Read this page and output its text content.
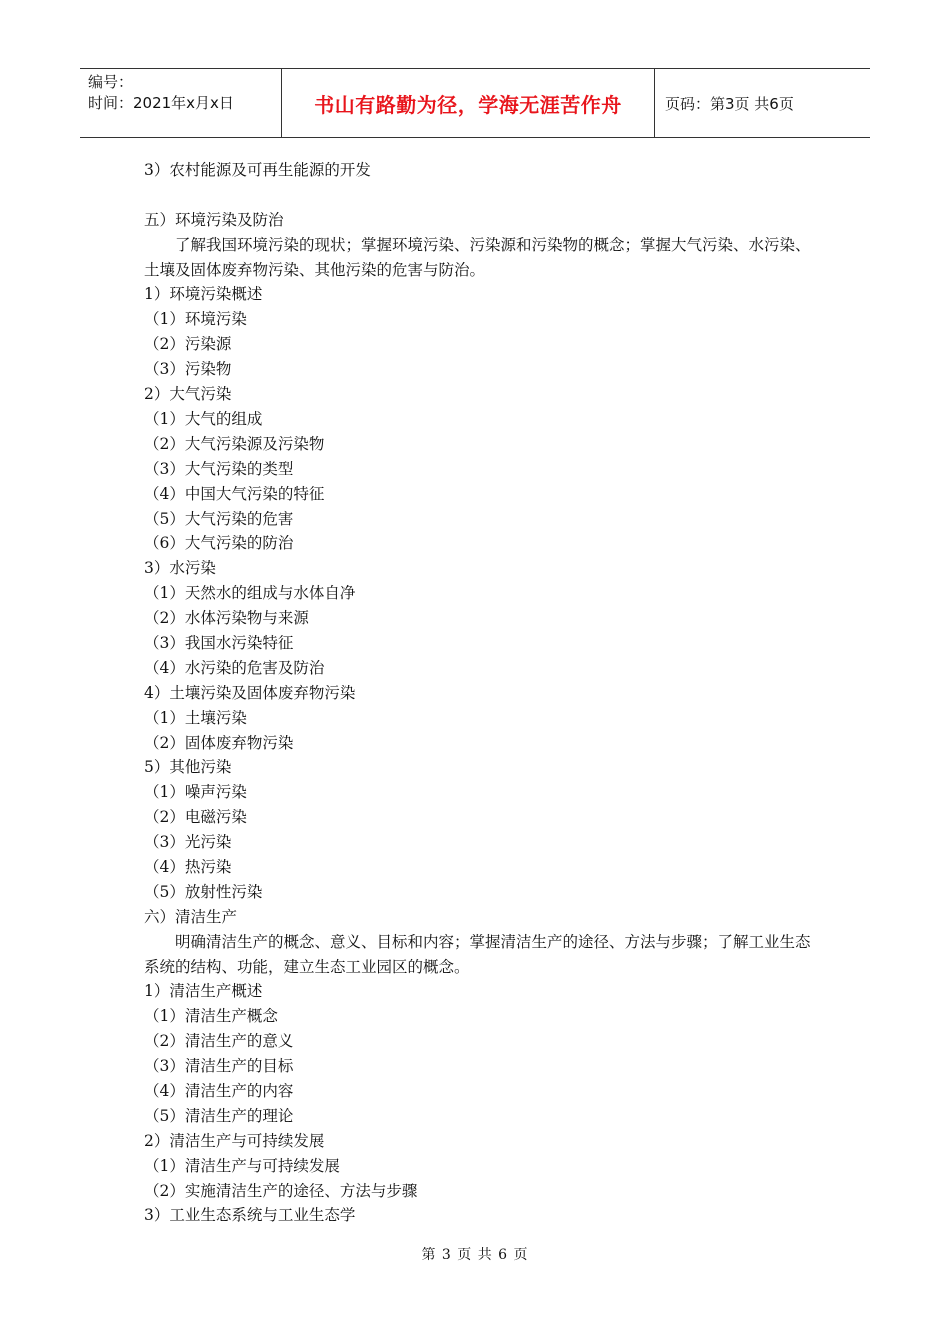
编号：
时间：2021年x月x日	书山有路勤为径，学海无涯苦作舟	页码：第3页 共6页
3）农村能源及可再生能源的开发
五）环境污染及防治
了解我国环境污染的现状；掌握环境污染、污染源和污染物的概念；掌握大气污染、水污染、土壤及固体废弃物污染、其他污染的危害与防治。
1）环境污染概述
（1）环境污染
（2）污染源
（3）污染物
2）大气污染
（1）大气的组成
（2）大气污染源及污染物
（3）大气污染的类型
（4）中国大气污染的特征
（5）大气污染的危害
（6）大气污染的防治
3）水污染
（1）天然水的组成与水体自净
（2）水体污染物与来源
（3）我国水污染特征
（4）水污染的危害及防治
4）土壤污染及固体废弃物污染
（1）土壤污染
（2）固体废弃物污染
5）其他污染
（1）噪声污染
（2）电磁污染
（3）光污染
（4）热污染
（5）放射性污染
六）清洁生产
明确清洁生产的概念、意义、目标和内容；掌握清洁生产的途径、方法与步骤；了解工业生态系统的结构、功能，建立生态工业园区的概念。
1）清洁生产概述
（1）清洁生产概念
（2）清洁生产的意义
（3）清洁生产的目标
（4）清洁生产的内容
（5）清洁生产的理论
2）清洁生产与可持续发展
（1）清洁生产与可持续发展
（2）实施清洁生产的途径、方法与步骤
3）工业生态系统与工业生态学
第 3 页 共 6 页
